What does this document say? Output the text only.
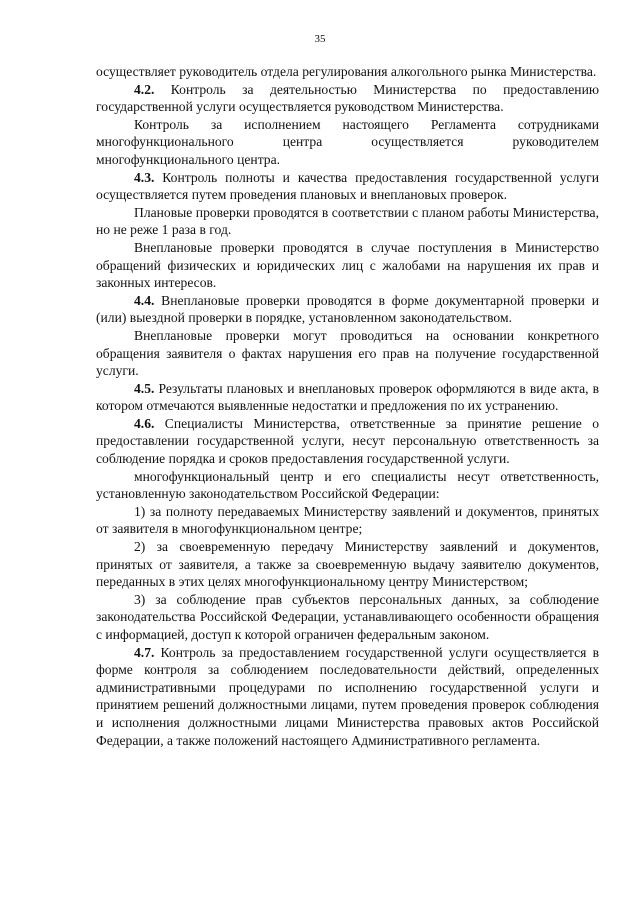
35

осуществляет руководитель отдела регулирования алкогольного рынка Министерства.

4.2. Контроль за деятельностью Министерства по предоставлению государственной услуги осуществляется руководством Министерства.

Контроль за исполнением настоящего Регламента сотрудниками многофункционального центра осуществляется руководителем многофункционального центра.

4.3. Контроль полноты и качества предоставления государственной услуги осуществляется путем проведения плановых и внеплановых проверок.

Плановые проверки проводятся в соответствии с планом работы Министерства, но не реже 1 раза в год.

Внеплановые проверки проводятся в случае поступления в Министерство обращений физических и юридических лиц с жалобами на нарушения их прав и законных интересов.

4.4. Внеплановые проверки проводятся в форме документарной проверки и (или) выездной проверки в порядке, установленном законодательством.

Внеплановые проверки могут проводиться на основании конкретного обращения заявителя о фактах нарушения его прав на получение государственной услуги.

4.5. Результаты плановых и внеплановых проверок оформляются в виде акта, в котором отмечаются выявленные недостатки и предложения по их устранению.

4.6. Специалисты Министерства, ответственные за принятие решение о предоставлении государственной услуги, несут персональную ответственность за соблюдение порядка и сроков предоставления государственной услуги.

многофункциональный центр и его специалисты несут ответственность, установленную законодательством Российской Федерации:

1) за полноту передаваемых Министерству заявлений и документов, принятых от заявителя в многофункциональном центре;

2) за своевременную передачу Министерству заявлений и документов, принятых от заявителя, а также за своевременную выдачу заявителю документов, переданных в этих целях многофункциональному центру Министерством;

3) за соблюдение прав субъектов персональных данных, за соблюдение законодательства Российской Федерации, устанавливающего особенности обращения с информацией, доступ к которой ограничен федеральным законом.

4.7. Контроль за предоставлением государственной услуги осуществляется в форме контроля за соблюдением последовательности действий, определенных административными процедурами по исполнению государственной услуги и принятием решений должностными лицами, путем проведения проверок соблюдения и исполнения должностными лицами Министерства правовых актов Российской Федерации, а также положений настоящего Административного регламента.
